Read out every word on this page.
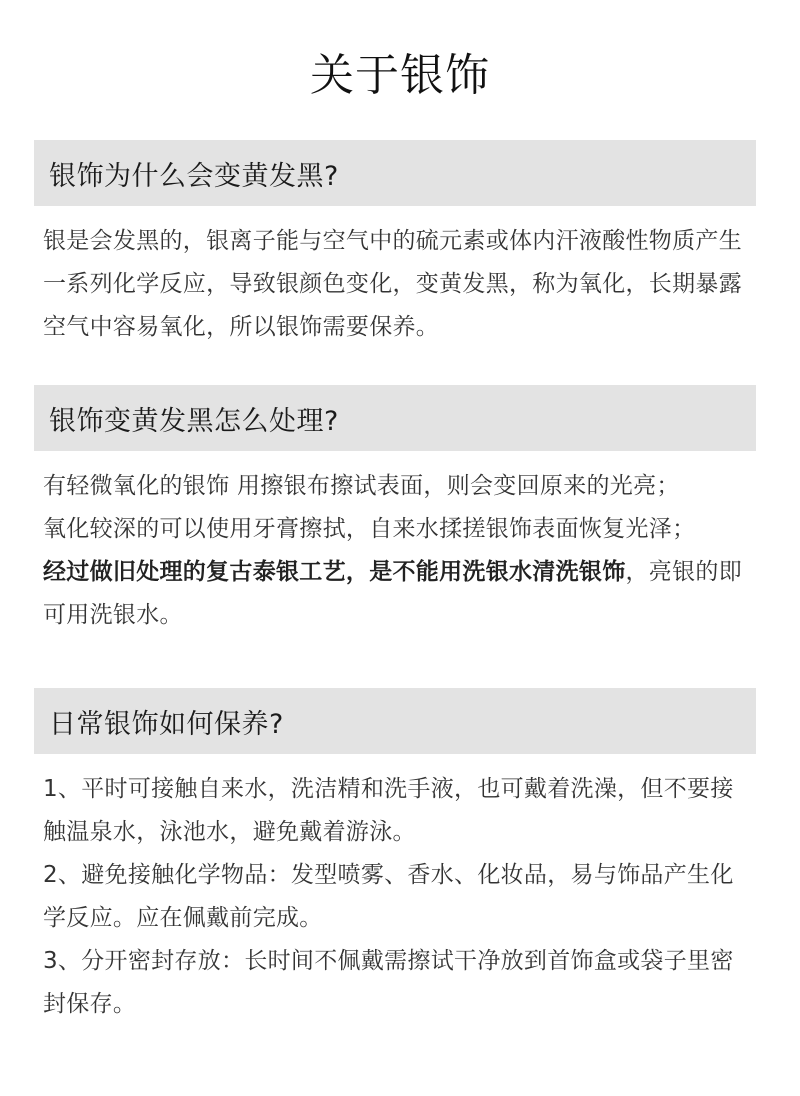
关于银饰
银饰为什么会变黄发黑?

银是会发黑的，银离子能与空气中的硫元素或体内汗液酸性物质产生一系列化学反应，导致银颜色变化，变黄发黑，称为氧化，长期暴露空气中容易氧化，所以银饰需要保养。

银饰变黄发黑怎么处理?

有轻微氧化的银饰 用擦银布擦试表面，则会变回原来的光亮；

氧化较深的可以使用牙膏擦拭，自来水揉搓银饰表面恢复光泽；

经过做旧处理的复古泰银工艺，是不能用洗银水清洗银饰，亮银的即可用洗银水。

日常银饰如何保养?

1、平时可接触自来水，洗洁精和洗手液，也可戴着洗澡，但不要接触温泉水，泳池水，避免戴着游泳。

2、避免接触化学物品：发型喷雾、香水、化妆品，易与饰品产生化学反应。应在佩戴前完成。

3、分开密封存放：长时间不佩戴需擦试干净放到首饰盒或袋子里密封保存。
